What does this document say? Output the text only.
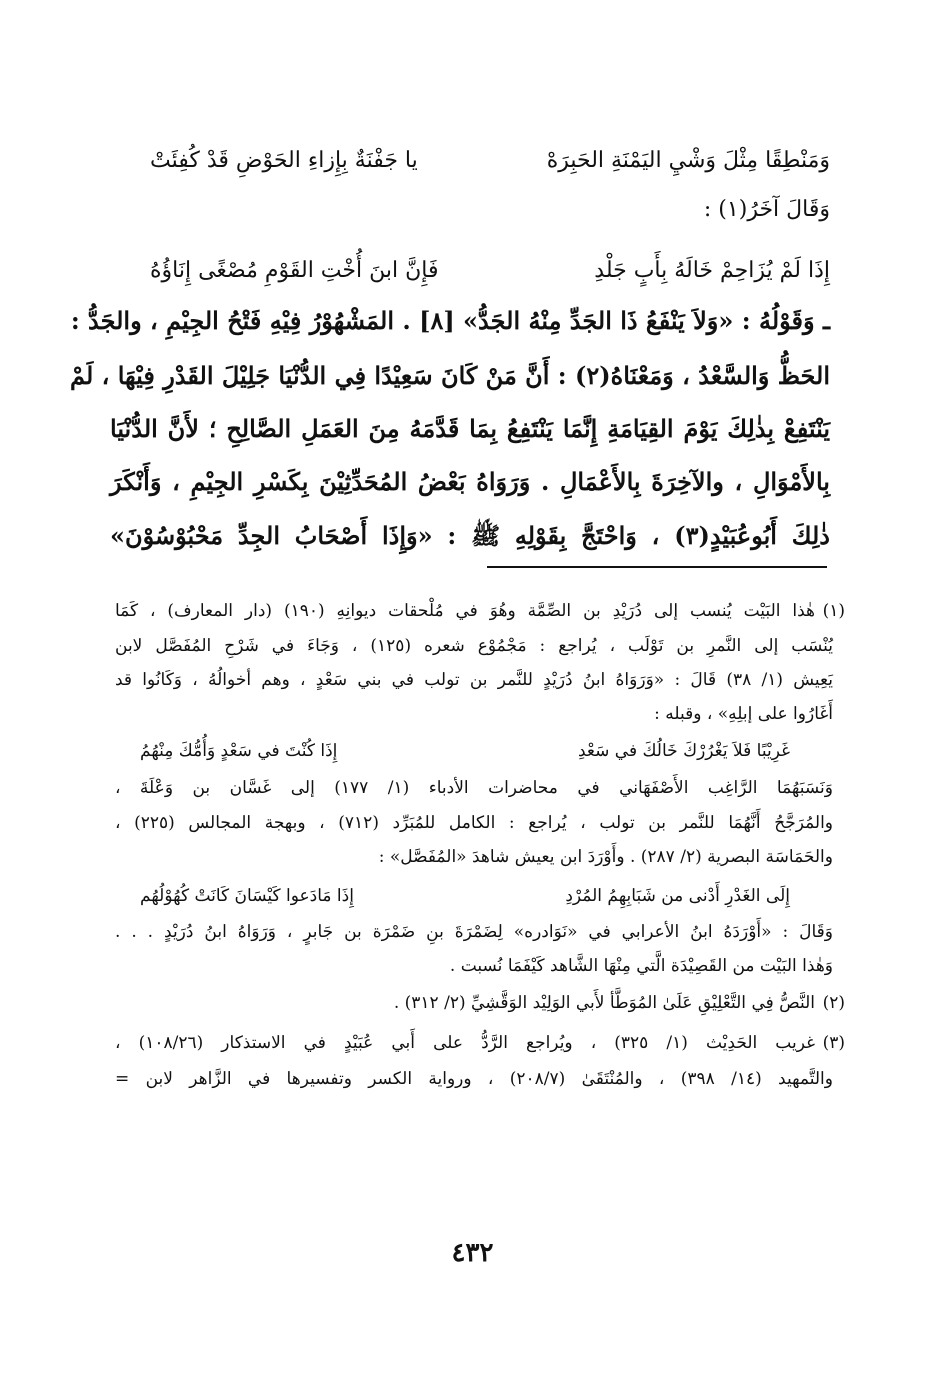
يا جَفْنَةٌ بِإِزاءِ الحَوْضِ قَدْ كُفِئَتْ	وَمَنْطِقًا مِثْلَ وَشْيِ اليَمْنَةِ الحَبِرَهْ
وَقَالَ آخَرُ(١) :
فَإِنَّ ابنَ أُخْتِ القَوْمِ مُصْغًى إِنَاؤُهُ	إِذَا لَمْ يُزَاحِمْ خَالَهُ بِأَبٍ جَلْدِ
ـ وَقَوْلُهُ : «وَلاَ يَنْفَعُ ذَا الجَدِّ مِنْهُ الجَدُّ» [٨] . المَشْهُوْرُ فِيْهِ فَتْحُ الجِيْمِ ، والجَدُّ :
الحَظُّ وَالسَّعْدُ ، وَمَعْنَاهُ(٢) : أَنَّ مَنْ كَانَ سَعِيْدًا فِي الدُّنْيَا جَلِيْلَ القَدْرِ فِيْهَا ، لَمْ
يَنْتَفِعْ بِذٰلِكَ يَوْمَ القِيَامَةِ إِنَّمَا يَنْتَفِعُ بِمَا قَدَّمَهُ مِنَ العَمَلِ الصَّالِحِ ؛ لأَنَّ الدُّنْيَا
بِالأَمْوَالِ ، والآخِرَةَ بِالأَعْمَالِ . وَرَوَاهُ بَعْضُ المُحَدِّثِيْنَ بِكَسْرِ الجِيْمِ ، وَأَنْكَرَ
ذٰلِكَ أَبُوعُبَيْدٍ(٣) ، وَاحْتَجَّ بِقَوْلِهِ ﷺ : «وَإِذَا أَصْحَابُ الجِدِّ مَحْبُوْسُوْنَ»
(١)
هٰذا البَيْت يُنسب إلى دُرَيْدِ بن الصِّمَّة وهُوَ في مُلْحقات ديوانِهِ (١٩٠) (دار المعارف) ، كَمَا
يُنْسَب إلى النَّمرِ بن تَوْلَب ، يُراجع : مَجْمُوْع شعره (١٢٥) ، وَجَاءَ في شَرْحِ المُفَصَّل لابن
يَعِيش (١/ ٣٨) قَالَ : «وَرَوَاهُ ابنُ دُرَيْدٍ للنَّمر بن تولب في بني سَعْدٍ ، وهم أخوالُهُ ، وَكَانُوا قد
أَغَارُوا على إبلِهِ» ، وقبله :
إِذَا كُنْتَ في سَعْدٍ وَأُمُّكَ مِنْهُمُ	غَرِيْبًا فَلاَ يَغْرُرْكَ خَالُكَ في سَعْدِ
وَنَسَبَهُمَا الرَّاغِب الأَصْفَهَاني في محاضرات الأدباء (١/ ١٧٧) إلى غَسَّان بن وَعْلَةَ ،
والمُرَجَّحُ أَنَّهُمَا للنَّمر بن تولب ، يُراجع : الكامل للمُبَرِّد (٧١٢) ، وبهجة المجالس (٢٢٥) ،
والحَمَاسَة البصرية (٢/ ٢٨٧) . وأَوْرَدَ ابن يعيش شاهدَ «المُفَصَّل» :
إِذَا مَادَعوا كَيْسَانَ كَانَتْ كُهُوْلُهُم	إِلَى الغَدْرِ أَدْنى من شَبَابِهِمُ المُرْدِ
وَقَالَ : «أَوْرَدَهُ ابنُ الأعرابي في «نَوَادره» لِضَمْرَةَ بنِ ضَمْرَة بن جَابرٍ ، وَرَوَاهُ ابنُ دُرَيْدٍ . . .
وَهٰذا البَيْت من القَصِيْدَة الَّتي مِنْهَا الشَّاهد كَيْفَمَا نُسبت .
(٢)
النَّصُّ فِي التَّعْلِيْقِ عَلَىٰ المُوَطَّأ لأَبي الوَلِيْد الوَقَّشِيِّ (٢/ ٣١٢) .
(٣)
غريب الحَدِيْث (١/ ٣٢٥) ، ويُراجع الرَّدُّ على أَبي عُبَيْدٍ في الاستذكار (١٠٨/٢٦) ،
والتَّمهيد (١٤/ ٣٩٨) ، والمُنْتَقَىٰ (٢٠٨/٧) ، ورواية الكسر وتفسيرها في الزَّاهر لابن =
٤٣٢
